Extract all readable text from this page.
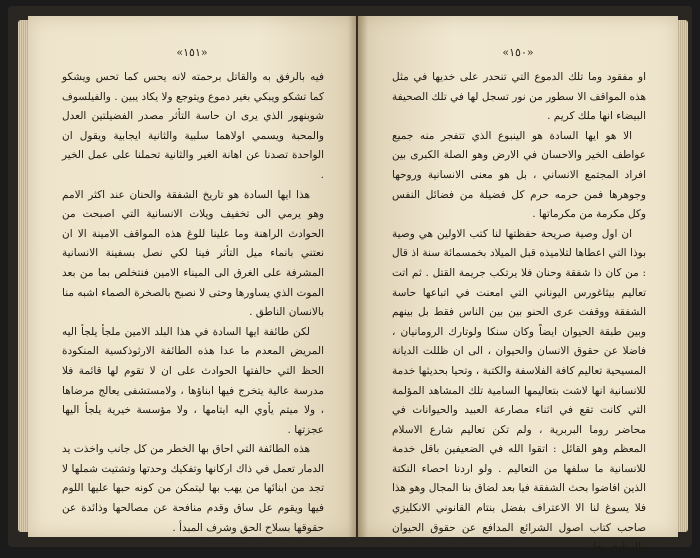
«١٥١»

فيه بالرفق به والقاتل برحمته لانه يحس كما تحس ويشكو كما تشكو ويبكي بغير دموع ويتوجع ولا يكاد يبين . والفيلسوف شوبنهور الذي يرى ان حاسة التأثر مصدر الفضيلتين العدل والمحبة ويسمي اولاهما سلبية والثانية ايجابية ويقول ان الواحدة تصدنا عن اهانة الغير والثانية تحملنا على عمل الخير .

هذا ايها السادة هو تاريخ الشفقة والحنان عند اكثر الامم وهو يرمي الى تخفيف ويلات الانسانية التي اصبحت من الحوادث الراهنة وما علينا للوغ هذه المواقف الامينة الا ان نعتني بانماء ميل التأثر فينا لكي نصل بسفينة الانسانية المشرفة على الغرق الى الميناء الامين فنتخلص بما من بعد الموت الذي يساورها وحتى لا نصبح بالصخرة الصماء اشبه منا بالانسان الناطق .

لكن طائفة ايها السادة في هذا البلد الامين ملجأ يلجأ اليه المريض المعدم ما عدا هذه الطائفة الارثوذكسية المنكودة الحظ التي حالفتها الحوادث على ان لا تقوم لها قائمة فلا مدرسة عالية يتخرج فيها ابناؤها ، ولامستشفى يعالج مرضاها ، ولا ميتم يأوي اليه ايتامها ، ولا مؤسسة خيرية يلجأ اليها عجزتها .

هذه الطائفة التي احاق بها الخطر من كل جانب واخذت يد الدمار تعمل في ذاك اركانها وتفكيك وحدتها وتشتيت شملها لا تجد من ابنائها من يهب بها ليتمكن من كونه حبها عليها اللوم فيها ويقوم عل ساق وقدم منافحة عن مصالحها وذائدة عن حقوقها بسلاح الحق وشرف المبدأ .

«١٥٠»

او مفقود وما تلك الدموع التي تنحدر على خديها في مثل هذه المواقف الا سطور من نور تسجل لها في تلك الصحيفة البيضاء انها ملك كريم .

الا هو ايها السادة هو الينبوع الذي تتفجر منه جميع عواطف الخير والاحسان في الارض وهو الصلة الكبرى بين افراد المجتمع الانساني ، بل هو معنى الانسانية وروحها وجوهرها فمن حرمه حرم كل فضيلة من فضائل النفس وكل مكرمة من مكرماتها .

ان اول وصية صريحة حفظتها لنا كتب الاولين هي وصية بوذا التي اعطاها لتلاميذه قبل الميلاد بخمسمائة سنة اذ قال : من كان ذا شفقة وحنان فلا يرتكب جريمة القتل . ثم اتت تعاليم بيثاغورس اليوناني التي امعنت في اتباعها حاسة الشفقة ووقفت عرى الحنو بين بين الناس فقط بل بينهم وبين طبقة الحيوان ايضاً وكان سنكا ولوتارك الرومانيان ، فاضلا عن حقوق الانسان والحيوان ، الى ان ظللت الديانة المسيحية تعاليم كافة الفلاسفة والكتبة ، وتحيا بحديثها خدمة للانسانية انها لاشت بتعاليمها السامية تلك المشاهد المؤلمة التي كانت تقع في اثناء مصارعة العبيد والحيوانات في محاضر روما البربرية ، ولم تكن تعاليم شارع الاسلام المعظم وهو القائل : اتقوا الله في الضعيفين باقل خدمة للانسانية ما سلفها من التعاليم . ولو اردنا احصاء النكتة الذين افاضوا بحث الشفقة فيا بعد لضاق بنا المجال وهو هذا فلا يسوغ لنا الا الاعتراف بفضل بنتام القانوني الانكليزي صاحب كتاب اصول الشرائع المدافع عن حقوق الحيوان والمنادي بحل
